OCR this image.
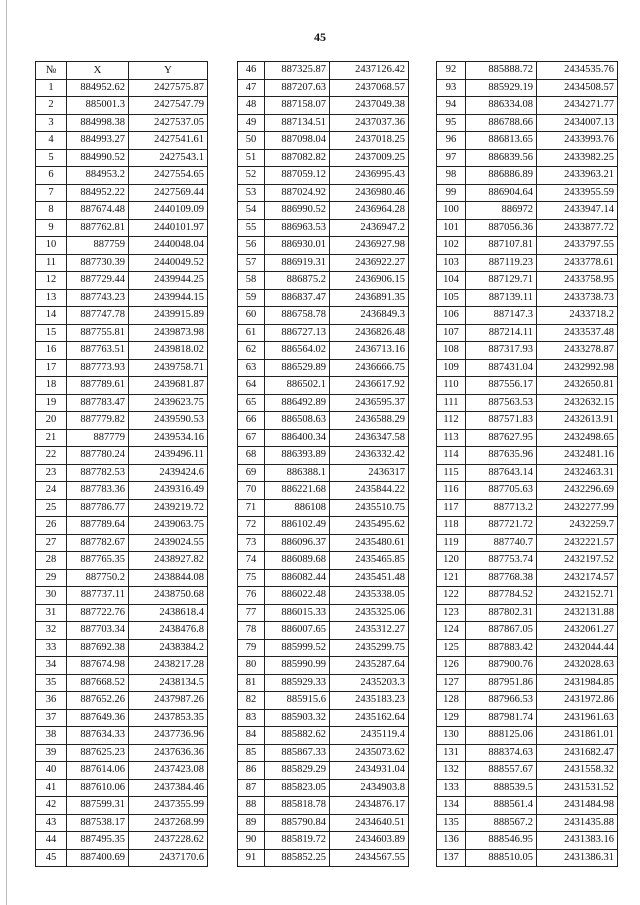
45
№	X	Y
1	884952.62	2427575.87
2	885001.3	2427547.79
3	884998.38	2427537.05
4	884993.27	2427541.61
5	884990.52	2427543.1
6	884953.2	2427554.65
7	884952.22	2427569.44
8	887674.48	2440109.09
9	887762.81	2440101.97
10	887759	2440048.04
11	887730.39	2440049.52
12	887729.44	2439944.25
13	887743.23	2439944.15
14	887747.78	2439915.89
15	887755.81	2439873.98
16	887763.51	2439818.02
17	887773.93	2439758.71
18	887789.61	2439681.87
19	887783.47	2439623.75
20	887779.82	2439590.53
21	887779	2439534.16
22	887780.24	2439496.11
23	887782.53	2439424.6
24	887783.36	2439316.49
25	887786.77	2439219.72
26	887789.64	2439063.75
27	887782.67	2439024.55
28	887765.35	2438927.82
29	887750.2	2438844.08
30	887737.11	2438750.68
31	887722.76	2438618.4
32	887703.34	2438476.8
33	887692.38	2438384.2
34	887674.98	2438217.28
35	887668.52	2438134.5
36	887652.26	2437987.26
37	887649.36	2437853.35
38	887634.33	2437736.96
39	887625.23	2437636.36
40	887614.06	2437423.08
41	887610.06	2437384.46
42	887599.31	2437355.99
43	887538.17	2437268.99
44	887495.35	2437228.62
45	887400.69	2437170.6
46	887325.87	2437126.42
47	887207.63	2437068.57
48	887158.07	2437049.38
49	887134.51	2437037.36
50	887098.04	2437018.25
51	887082.82	2437009.25
52	887059.12	2436995.43
53	887024.92	2436980.46
54	886990.52	2436964.28
55	886963.53	2436947.2
56	886930.01	2436927.98
57	886919.31	2436922.27
58	886875.2	2436906.15
59	886837.47	2436891.35
60	886758.78	2436849.3
61	886727.13	2436826.48
62	886564.02	2436713.16
63	886529.89	2436666.75
64	886502.1	2436617.92
65	886492.89	2436595.37
66	886508.63	2436588.29
67	886400.34	2436347.58
68	886393.89	2436332.42
69	886388.1	2436317
70	886221.68	2435844.22
71	886108	2435510.75
72	886102.49	2435495.62
73	886096.37	2435480.61
74	886089.68	2435465.85
75	886082.44	2435451.48
76	886022.48	2435338.05
77	886015.33	2435325.06
78	886007.65	2435312.27
79	885999.52	2435299.75
80	885990.99	2435287.64
81	885929.33	2435203.3
82	885915.6	2435183.23
83	885903.32	2435162.64
84	885882.62	2435119.4
85	885867.33	2435073.62
86	885829.29	2434931.04
87	885823.05	2434903.8
88	885818.78	2434876.17
89	885790.84	2434640.51
90	885819.72	2434603.89
91	885852.25	2434567.55
92	885888.72	2434535.76
93	885929.19	2434508.57
94	886334.08	2434271.77
95	886788.66	2434007.13
96	886813.65	2433993.76
97	886839.56	2433982.25
98	886886.89	2433963.21
99	886904.64	2433955.59
100	886972	2433947.14
101	887056.36	2433877.72
102	887107.81	2433797.55
103	887119.23	2433778.61
104	887129.71	2433758.95
105	887139.11	2433738.73
106	887147.3	2433718.2
107	887214.11	2433537.48
108	887317.93	2433278.87
109	887431.04	2432992.98
110	887556.17	2432650.81
111	887563.53	2432632.15
112	887571.83	2432613.91
113	887627.95	2432498.65
114	887635.96	2432481.16
115	887643.14	2432463.31
116	887705.63	2432296.69
117	887713.2	2432277.99
118	887721.72	2432259.7
119	887740.7	2432221.57
120	887753.74	2432197.52
121	887768.38	2432174.57
122	887784.52	2432152.71
123	887802.31	2432131.88
124	887867.05	2432061.27
125	887883.42	2432044.44
126	887900.76	2432028.63
127	887951.86	2431984.85
128	887966.53	2431972.86
129	887981.74	2431961.63
130	888125.06	2431861.01
131	888374.63	2431682.47
132	888557.67	2431558.32
133	888539.5	2431531.52
134	888561.4	2431484.98
135	888567.2	2431435.88
136	888546.95	2431383.16
137	888510.05	2431386.31
